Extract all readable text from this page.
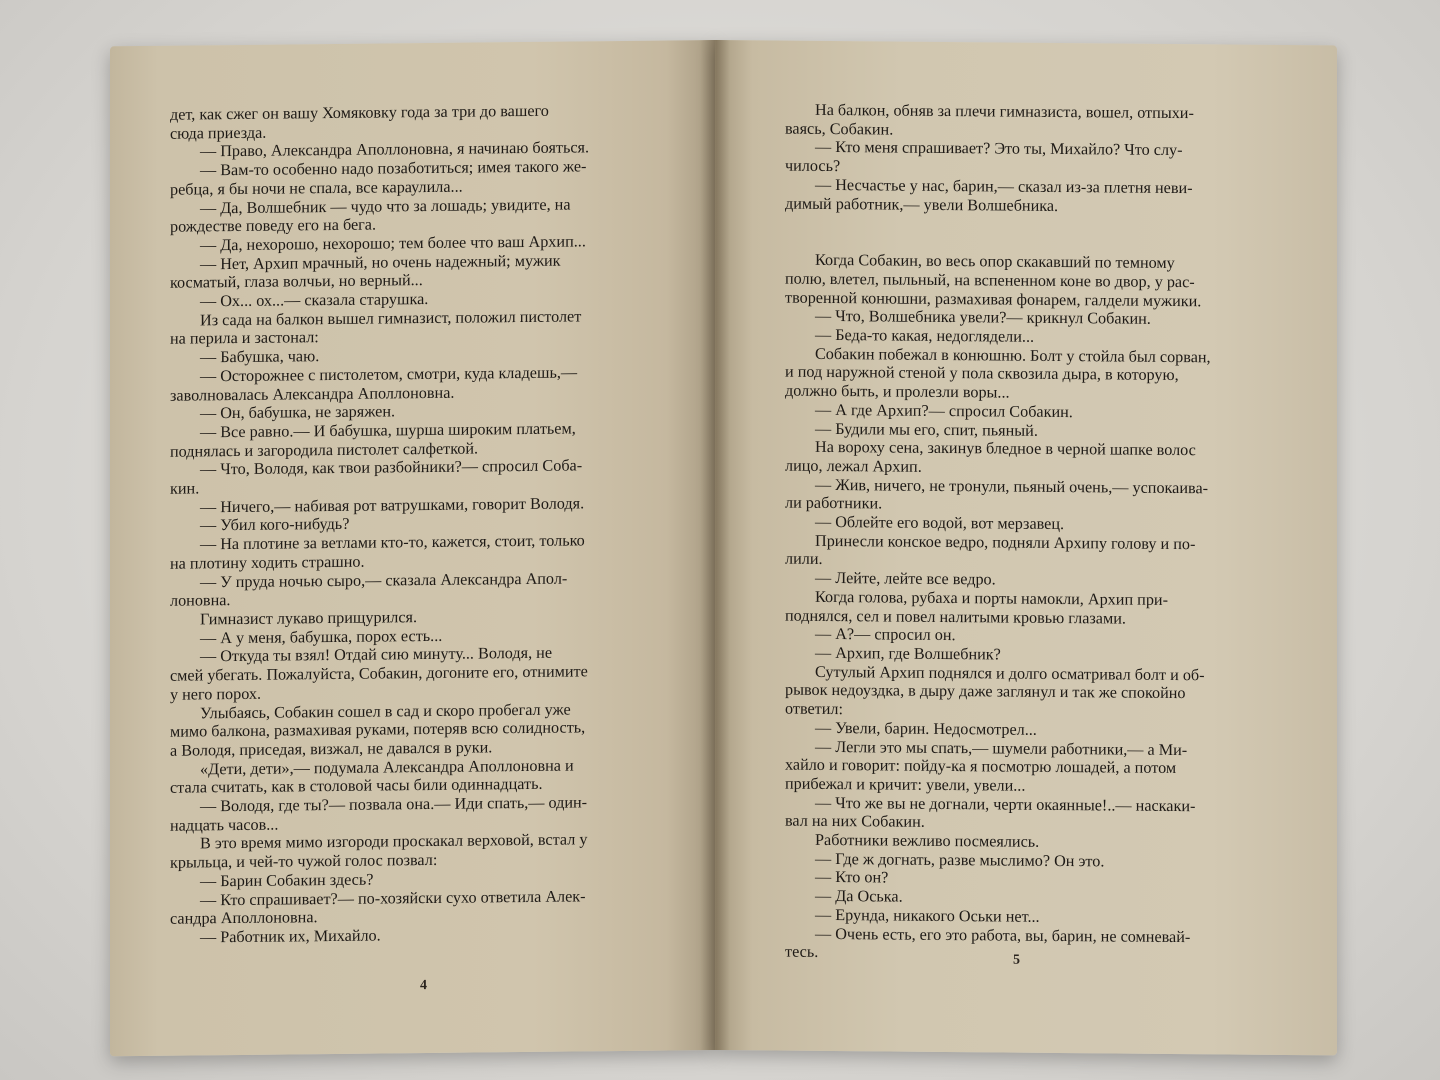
дет, как сжег он вашу Хомяковку года за три до вашего
сюда приезда.
— Право, Александра Аполлоновна, я начинаю бояться.
— Вам-то особенно надо позаботиться; имея такого же-
ребца, я бы ночи не спала, все караулила...
— Да, Волшебник — чудо что за лошадь; увидите, на
рождестве поведу его на бега.
— Да, нехорошо, нехорошо; тем более что ваш Архип...
— Нет, Архип мрачный, но очень надежный; мужик
косматый, глаза волчьи, но верный...
— Ох... ох...— сказала старушка.
Из сада на балкон вышел гимназист, положил пистолет
на перила и застонал:
— Бабушка, чаю.
— Осторожнее с пистолетом, смотри, куда кладешь,—
заволновалась Александра Аполлоновна.
— Он, бабушка, не заряжен.
— Все равно.— И бабушка, шурша широким платьем,
поднялась и загородила пистолет салфеткой.
— Что, Володя, как твои разбойники?— спросил Соба-
кин.
— Ничего,— набивая рот ватрушками, говорит Володя.
— Убил кого-нибудь?
— На плотине за ветлами кто-то, кажется, стоит, только
на плотину ходить страшно.
— У пруда ночью сыро,— сказала Александра Апол-
лоновна.
Гимназист лукаво прищурился.
— А у меня, бабушка, порох есть...
— Откуда ты взял! Отдай сию минуту... Володя, не
смей убегать. Пожалуйста, Собакин, догоните его, отнимите
у него порох.
Улыбаясь, Собакин сошел в сад и скоро пробегал уже
мимо балкона, размахивая руками, потеряв всю солидность,
а Володя, приседая, визжал, не давался в руки.
«Дети, дети»,— подумала Александра Аполлоновна и
стала считать, как в столовой часы били одиннадцать.
— Володя, где ты?— позвала она.— Иди спать,— один-
надцать часов...
В это время мимо изгороди проскакал верховой, встал у
крыльца, и чей-то чужой голос позвал:
— Барин Собакин здесь?
— Кто спрашивает?— по-хозяйски сухо ответила Алек-
сандра Аполлоновна.
— Работник их, Михайло.
4
На балкон, обняв за плечи гимназиста, вошел, отпыхи-
ваясь, Собакин.
— Кто меня спрашивает? Это ты, Михайло? Что слу-
чилось?
— Несчастье у нас, барин,— сказал из-за плетня неви-
димый работник,— увели Волшебника.
Когда Собакин, во весь опор скакавший по темному
полю, влетел, пыльный, на вспененном коне во двор, у рас-
творенной конюшни, размахивая фонарем, галдели мужики.
— Что, Волшебника увели?— крикнул Собакин.
— Беда-то какая, недоглядели...
Собакин побежал в конюшню. Болт у стойла был сорван,
и под наружной стеной у пола сквозила дыра, в которую,
должно быть, и пролезли воры...
— А где Архип?— спросил Собакин.
— Будили мы его, спит, пьяный.
На вороху сена, закинув бледное в черной шапке волос
лицо, лежал Архип.
— Жив, ничего, не тронули, пьяный очень,— успокаива-
ли работники.
— Облейте его водой, вот мерзавец.
Принесли конское ведро, подняли Архипу голову и по-
лили.
— Лейте, лейте все ведро.
Когда голова, рубаха и порты намокли, Архип при-
поднялся, сел и повел налитыми кровью глазами.
— А?— спросил он.
— Архип, где Волшебник?
Сутулый Архип поднялся и долго осматривал болт и об-
рывок недоуздка, в дыру даже заглянул и так же спокойно
ответил:
— Увели, барин. Недосмотрел...
— Легли это мы спать,— шумели работники,— а Ми-
хайло и говорит: пойду-ка я посмотрю лошадей, а потом
прибежал и кричит: увели, увели...
— Что же вы не догнали, черти окаянные!..— наскаки-
вал на них Собакин.
Работники вежливо посмеялись.
— Где ж догнать, разве мыслимо? Он это.
— Кто он?
— Да Оська.
— Ерунда, никакого Оськи нет...
— Очень есть, его это работа, вы, барин, не сомневай-
тесь.	5
